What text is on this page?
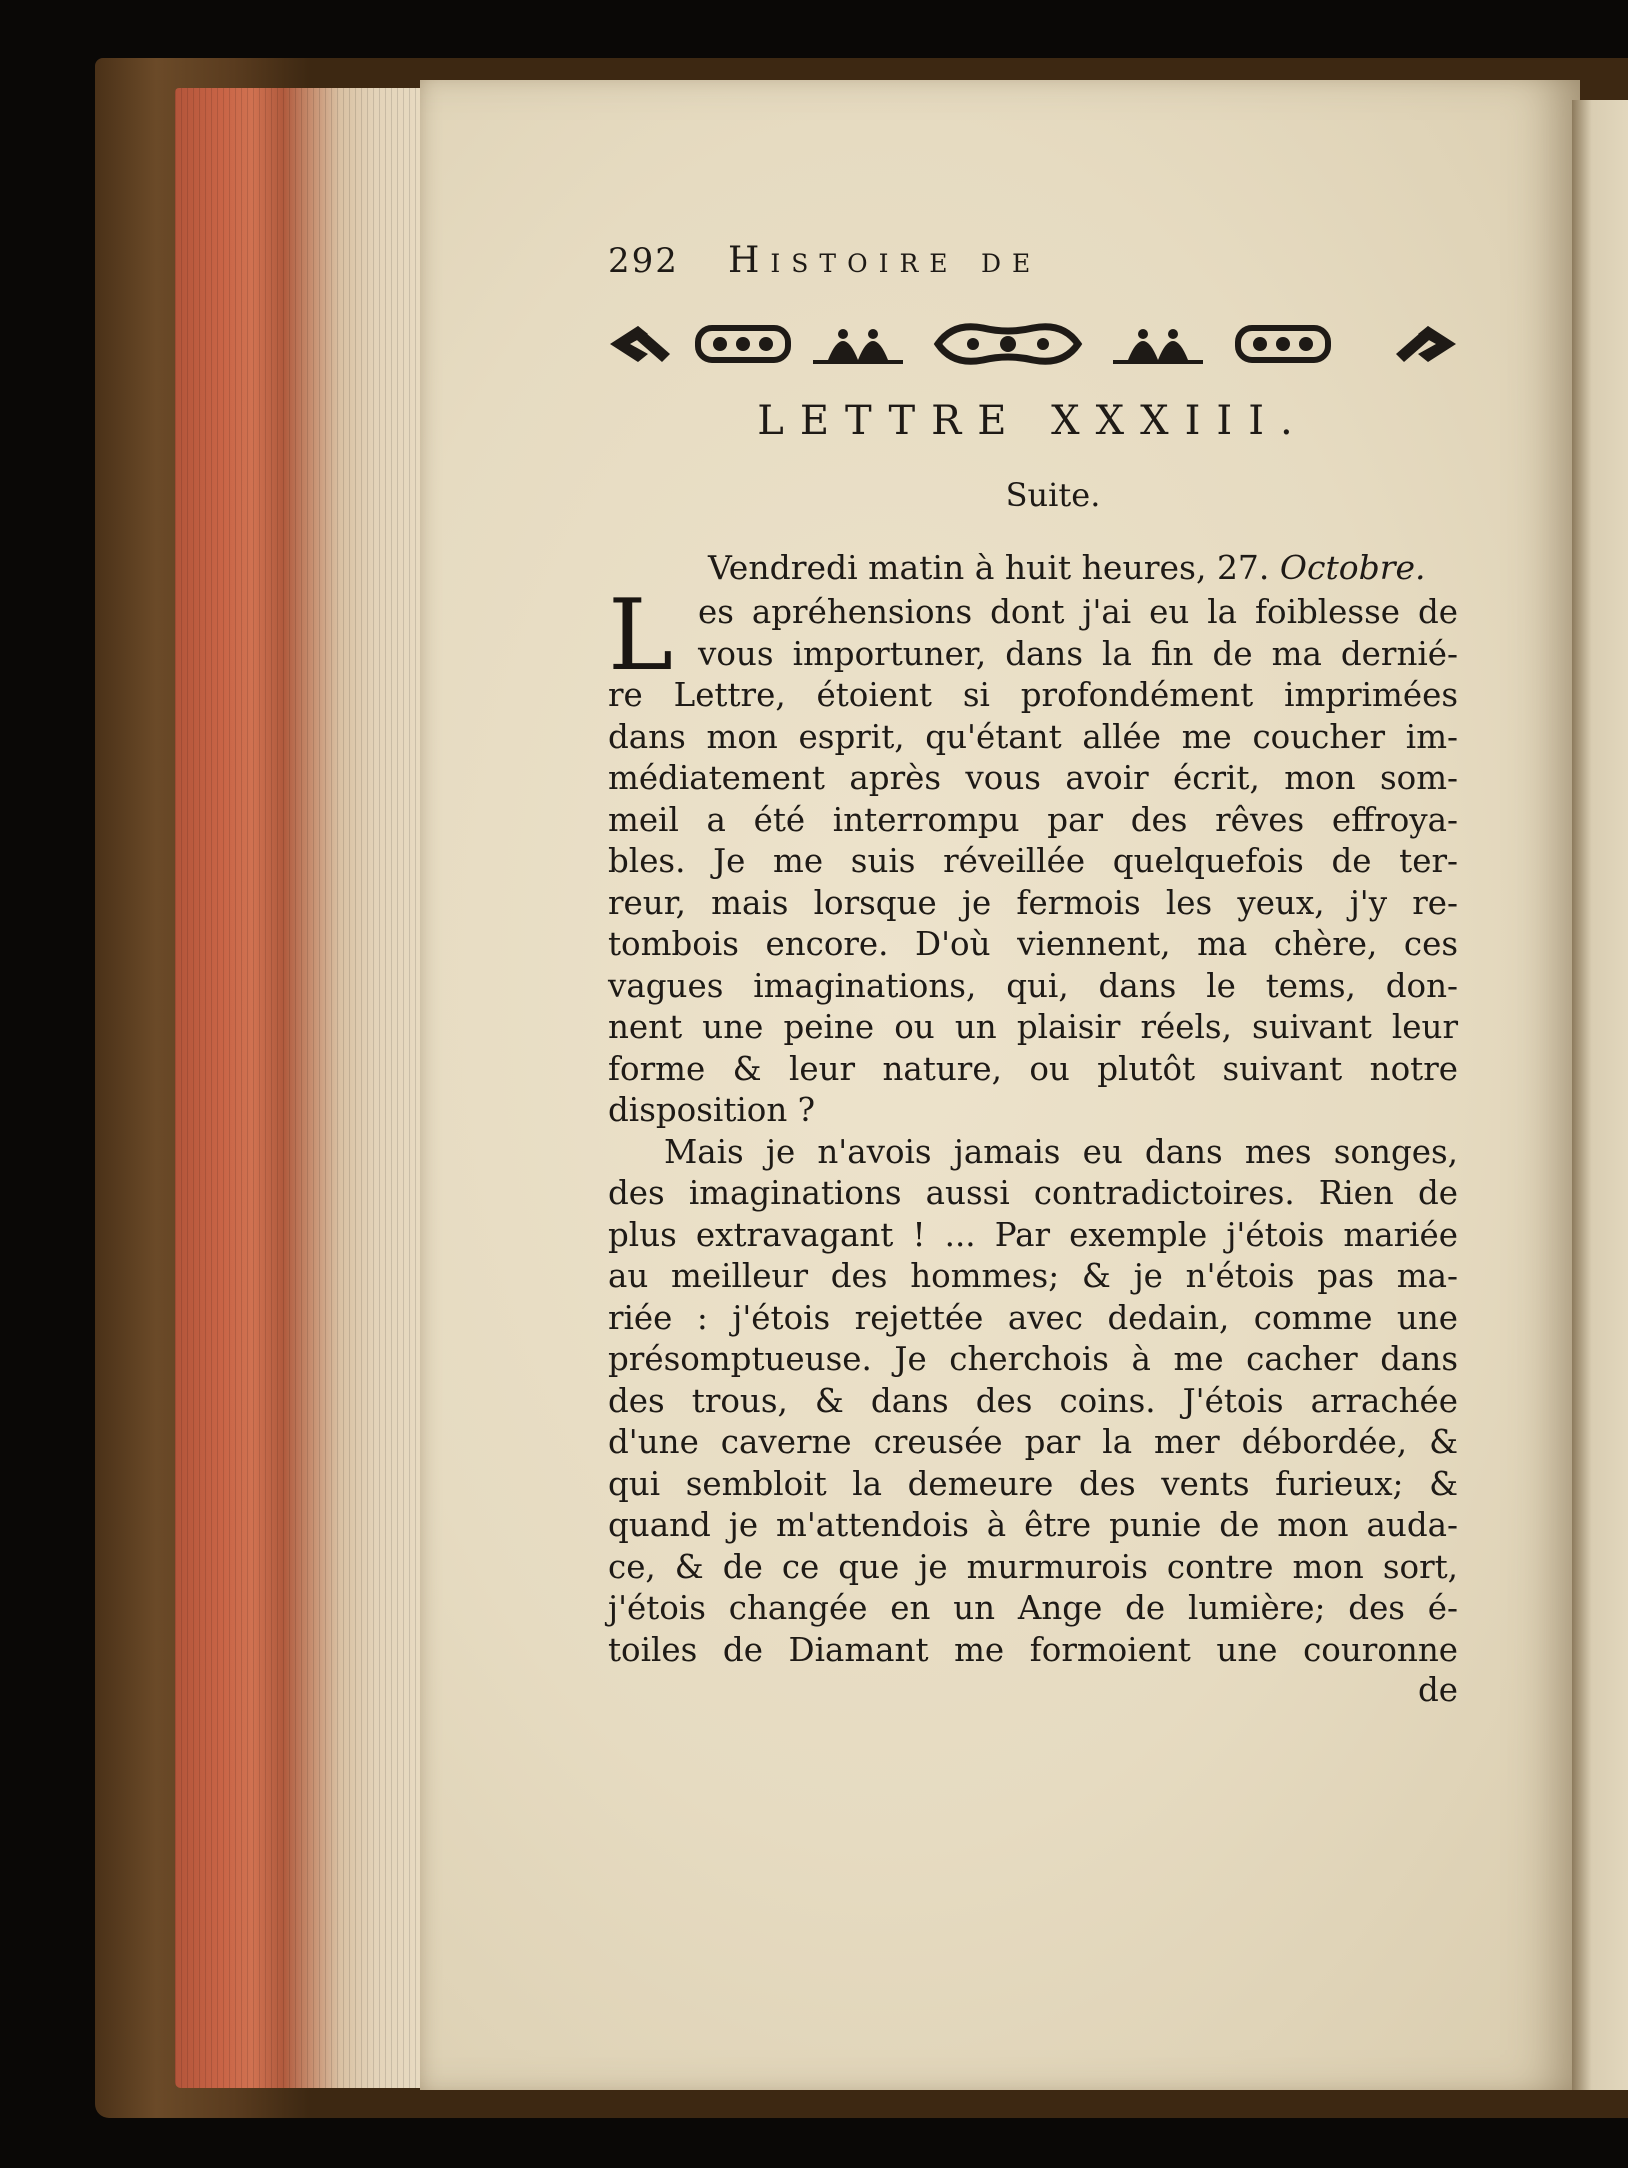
292	Histoire de
LETTRE XXXIII.
Suite.
Vendredi matin à huit heures, 27. Octobre.
L es apréhensions dont j'ai eu la foiblesse de
vous importuner, dans la fin de ma dernié-
re Lettre, étoient si profondément imprimées
dans mon esprit, qu'étant allée me coucher im-
médiatement après vous avoir écrit, mon som-
meil a été interrompu par des rêves effroya-
bles. Je me suis réveillée quelquefois de ter-
reur, mais lorsque je fermois les yeux, j'y re-
tombois encore. D'où viennent, ma chère, ces
vagues imaginations, qui, dans le tems, don-
nent une peine ou un plaisir réels, suivant leur
forme & leur nature, ou plutôt suivant notre
disposition ?

Mais je n'avois jamais eu dans mes songes,
des imaginations aussi contradictoires. Rien de
plus extravagant ! ... Par exemple j'étois mariée
au meilleur des hommes; & je n'étois pas ma-
riée : j'étois rejettée avec dedain, comme une
présomptueuse. Je cherchois à me cacher dans
des trous, & dans des coins. J'étois arrachée
d'une caverne creusée par la mer débordée, &
qui sembloit la demeure des vents furieux; &
quand je m'attendois à être punie de mon auda-
ce, & de ce que je murmurois contre mon sort,
j'étois changée en un Ange de lumière; des é-
toiles de Diamant me formoient une couronne

de
